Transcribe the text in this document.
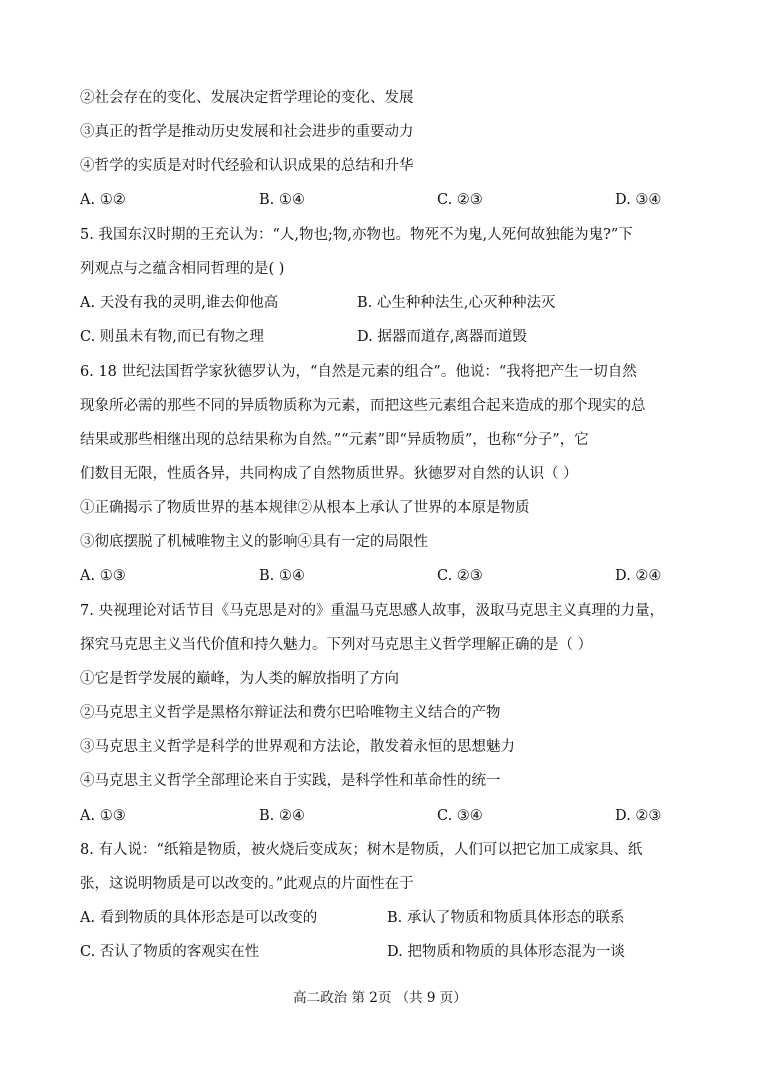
②社会存在的变化、发展决定哲学理论的变化、发展
③真正的哲学是推动历史发展和社会进步的重要动力
④哲学的实质是对时代经验和认识成果的总结和升华
A. ①②	B. ①④	C. ②③	D. ③④
5. 我国东汉时期的王充认为：“人,物也;物,亦物也。物死不为鬼,人死何故独能为鬼?”下
列观点与之蕴含相同哲理的是( )
A. 天没有我的灵明,谁去仰他高	B. 心生种种法生,心灭种种法灭
C. 则虽未有物,而已有物之理	D. 据器而道存,离器而道毁
6. 18 世纪法国哲学家狄德罗认为，“自然是元素的组合”。他说：“我将把产生一切自然
现象所必需的那些不同的异质物质称为元素，而把这些元素组合起来造成的那个现实的总
结果或那些相继出现的总结果称为自然。”“元素”即“异质物质”，也称“分子”，它
们数目无限，性质各异，共同构成了自然物质世界。狄德罗对自然的认识（ ）
①正确揭示了物质世界的基本规律②从根本上承认了世界的本原是物质
③彻底摆脱了机械唯物主义的影响④具有一定的局限性
A. ①③	B. ①④	C. ②③	D. ②④
7. 央视理论对话节目《马克思是对的》重温马克思感人故事，汲取马克思主义真理的力量，
探究马克思主义当代价值和持久魅力。下列对马克思主义哲学理解正确的是（ ）
①它是哲学发展的巅峰，为人类的解放指明了方向
②马克思主义哲学是黑格尔辩证法和费尔巴哈唯物主义结合的产物
③马克思主义哲学是科学的世界观和方法论，散发着永恒的思想魅力
④马克思主义哲学全部理论来自于实践，是科学性和革命性的统一
A. ①③	B. ②④	C. ③④	D. ②③
8. 有人说：“纸箱是物质，被火烧后变成灰；树木是物质，人们可以把它加工成家具、纸
张，这说明物质是可以改变的。”此观点的片面性在于
A. 看到物质的具体形态是可以改变的	B. 承认了物质和物质具体形态的联系
C. 否认了物质的客观实在性	D. 把物质和物质的具体形态混为一谈
高二政治 第 2页 （共 9 页）
